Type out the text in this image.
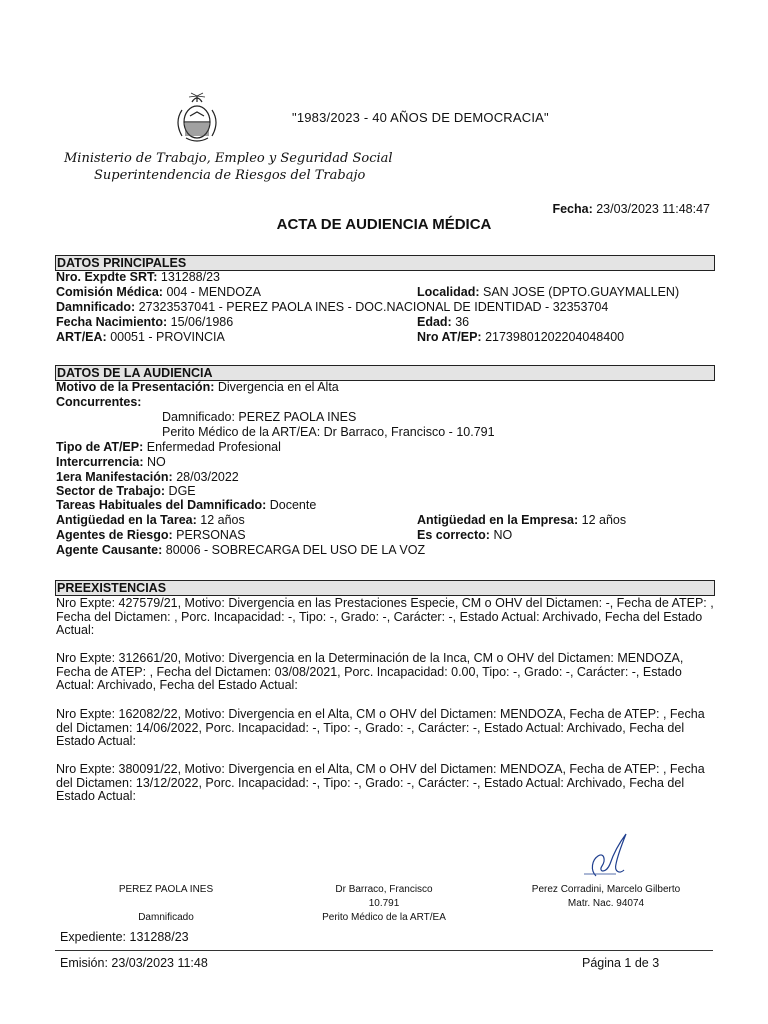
"1983/2023 - 40 AÑOS DE DEMOCRACIA"
Ministerio de Trabajo, Empleo y Seguridad Social
Superintendencia de Riesgos del Trabajo
Fecha: 23/03/2023 11:48:47
ACTA DE AUDIENCIA MÉDICA
DATOS PRINCIPALES
Nro. Expdte SRT: 131288/23
Comisión Médica: 004 - MENDOZA	Localidad: SAN JOSE (DPTO.GUAYMALLEN)
Damnificado: 27323537041 - PEREZ PAOLA INES - DOC.NACIONAL DE IDENTIDAD - 32353704
Fecha Nacimiento: 15/06/1986	Edad: 36
ART/EA: 00051 - PROVINCIA	Nro AT/EP: 21739801202204048400
DATOS DE LA AUDIENCIA
Motivo de la Presentación: Divergencia en el Alta
Concurrentes:
Damnificado: PEREZ PAOLA INES
Perito Médico de la ART/EA: Dr Barraco, Francisco - 10.791
Tipo de AT/EP: Enfermedad Profesional
Intercurrencia: NO
1era Manifestación: 28/03/2022
Sector de Trabajo: DGE
Tareas Habituales del Damnificado: Docente
Antigüedad en la Tarea: 12 años	Antigüedad en la Empresa: 12 años
Agentes de Riesgo: PERSONAS	Es correcto: NO
Agente Causante: 80006 - SOBRECARGA DEL USO DE LA VOZ
PREEXISTENCIAS
Nro Expte: 427579/21, Motivo: Divergencia en las Prestaciones Especie, CM o OHV del Dictamen: -, Fecha de ATEP: , Fecha del Dictamen: , Porc. Incapacidad: -, Tipo: -, Grado: -, Carácter: -, Estado Actual: Archivado, Fecha del Estado Actual:
Nro Expte: 312661/20, Motivo: Divergencia en la Determinación de la Inca, CM o OHV del Dictamen: MENDOZA, Fecha de ATEP: , Fecha del Dictamen: 03/08/2021, Porc. Incapacidad: 0.00, Tipo: -, Grado: -, Carácter: -, Estado Actual: Archivado, Fecha del Estado Actual:
Nro Expte: 162082/22, Motivo: Divergencia en el Alta, CM o OHV del Dictamen: MENDOZA, Fecha de ATEP: , Fecha del Dictamen: 14/06/2022, Porc. Incapacidad: -, Tipo: -, Grado: -, Carácter: -, Estado Actual: Archivado, Fecha del Estado Actual:
Nro Expte: 380091/22, Motivo: Divergencia en el Alta, CM o OHV del Dictamen: MENDOZA, Fecha de ATEP: , Fecha del Dictamen: 13/12/2022, Porc. Incapacidad: -, Tipo: -, Grado: -, Carácter: -, Estado Actual: Archivado, Fecha del Estado Actual:
PEREZ PAOLA INES
Damnificado
Dr Barraco, Francisco
10.791
Perito Médico de la ART/EA
Perez Corradini, Marcelo Gilberto
Matr. Nac. 94074
Expediente: 131288/23
Emisión: 23/03/2023 11:48	Página 1 de 3
